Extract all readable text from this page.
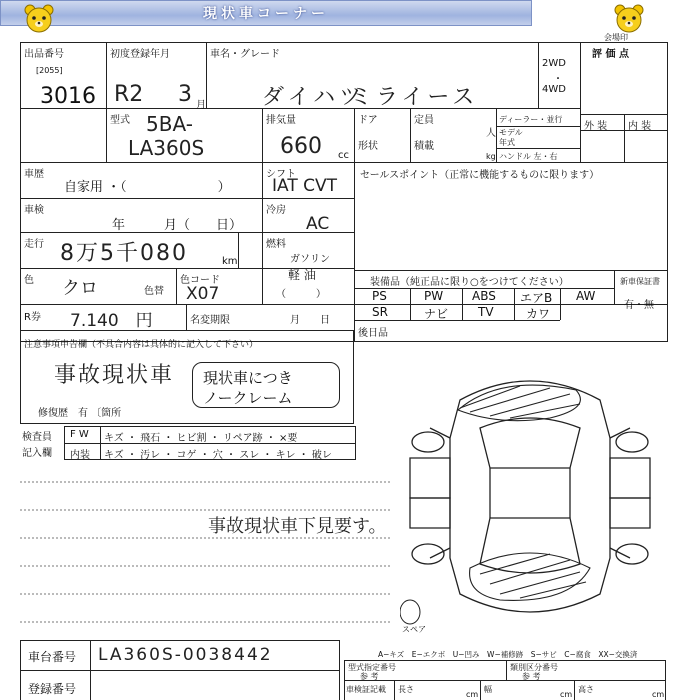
現状車コーナー
会場印
出品番号
[2055]
3016
初度登録年月
R2 3 月
車名・グレード
ダイハツ
ミライース
2WD
・
4WD
評 価 点
外 装 内 装
型式 5BA-
LA360S
排気量
660 cc
ドア
形状
定員
積載
人
kg
ディーラー・並行
モデル
年式
ハンドル 左・右
車歴
自家用 ・（　　　　　　　）
シフト
IAT CVT
セールスポイント（正常に機能するものに限ります）
車検
年　　　月（　　日）
冷房
AC
走行 8万5千080	km
燃料
ガソリン
軽 油
（　　　）
色 クロ	色替
色コード
X07
装備品（純正品に限り○をつけてください）	新車保証書
有・無
PS	PW ABS エアB AW
SR	ナビ TV	カワ
後日品
R券 7.140　円	名変期限	月　　日
注意事項申告欄（不具合内容は具体的に記入して下さい）
事故現状車 現状車につき
ノークレーム
修復歴　有 〔箇所
検査員
記入欄
F W キズ ・ 飛石 ・ ヒビ割 ・ リペア跡 ・ ×要
内装 キズ ・ 汚レ ・ コゲ ・ 穴 ・ スレ ・ キレ ・ 破レ
事故現状車下見要す。
スペア
車台番号 LA360S-0038442
登録番号
A−キズ　E−エクボ　U−凹み　W−補修跡　S−サビ　C−腐食　XX−交換済
型式指定番号
参 考
類別区分番号
参 考
車検証記載 長さ
cm
幅
cm
高さ
cm
